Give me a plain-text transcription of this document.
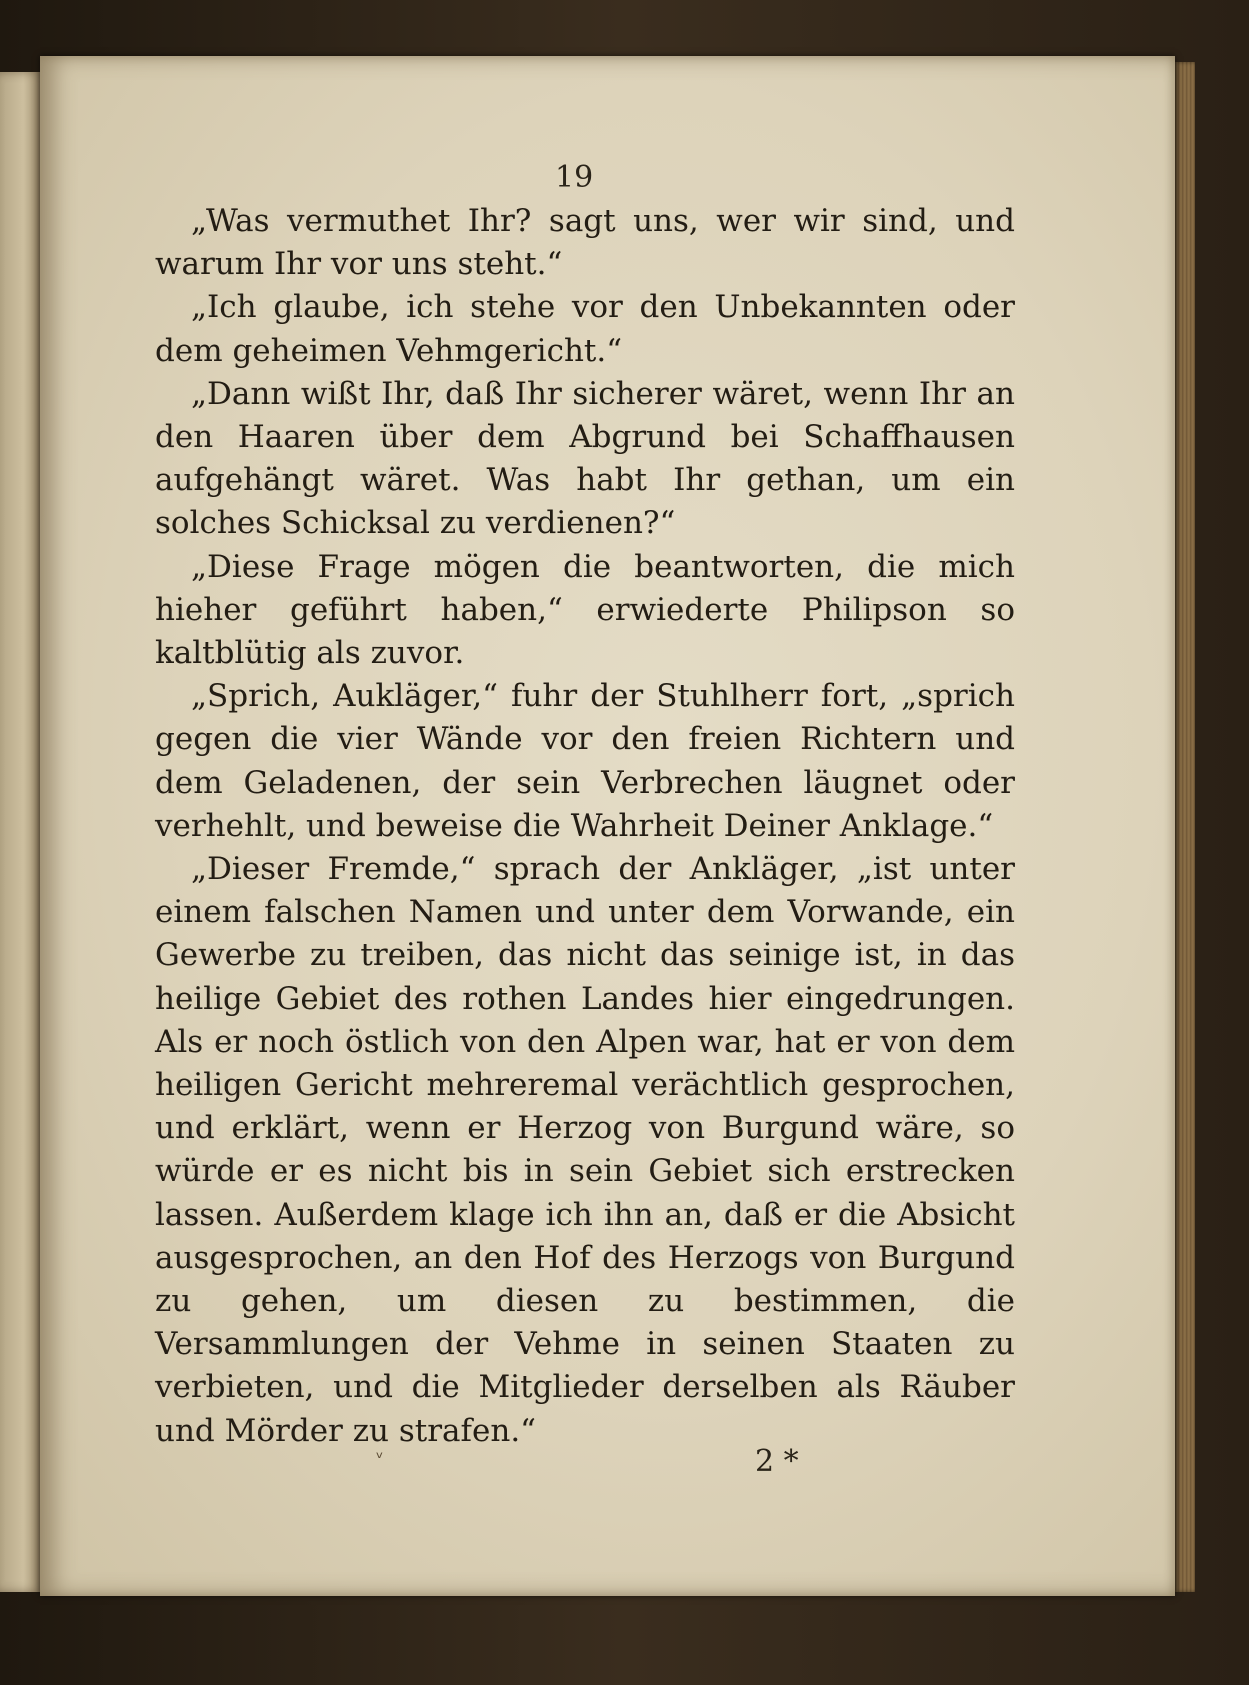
19

„Was vermuthet Ihr? sagt uns, wer wir sind, und warum Ihr vor uns steht.“

„Ich glaube, ich stehe vor den Unbekannten oder dem geheimen Vehmgericht.“

„Dann wißt Ihr, daß Ihr sicherer wäret, wenn Ihr an den Haaren über dem Abgrund bei Schaffhausen aufgehängt wäret. Was habt Ihr gethan, um ein solches Schicksal zu verdienen?“

„Diese Frage mögen die beantworten, die mich hieher geführt haben,“ erwiederte Philipson so kaltblütig als zuvor.

„Sprich, Aukläger,“ fuhr der Stuhlherr fort, „sprich gegen die vier Wände vor den freien Richtern und dem Geladenen, der sein Verbrechen läugnet oder verhehlt, und beweise die Wahrheit Deiner Anklage.“

„Dieser Fremde,“ sprach der Ankläger, „ist unter einem falschen Namen und unter dem Vorwande, ein Gewerbe zu treiben, das nicht das seinige ist, in das heilige Gebiet des rothen Landes hier eingedrungen. Als er noch östlich von den Alpen war, hat er von dem heiligen Gericht mehreremal verächtlich gesprochen, und erklärt, wenn er Herzog von Burgund wäre, so würde er es nicht bis in sein Gebiet sich erstrecken lassen. Außerdem klage ich ihn an, daß er die Absicht ausgesprochen, an den Hof des Herzogs von Burgund zu gehen, um diesen zu bestimmen, die Versammlungen der Vehme in seinen Staaten zu verbieten, und die Mitglieder derselben als Räuber und Mörder zu strafen.“

ᵛ	2 *
